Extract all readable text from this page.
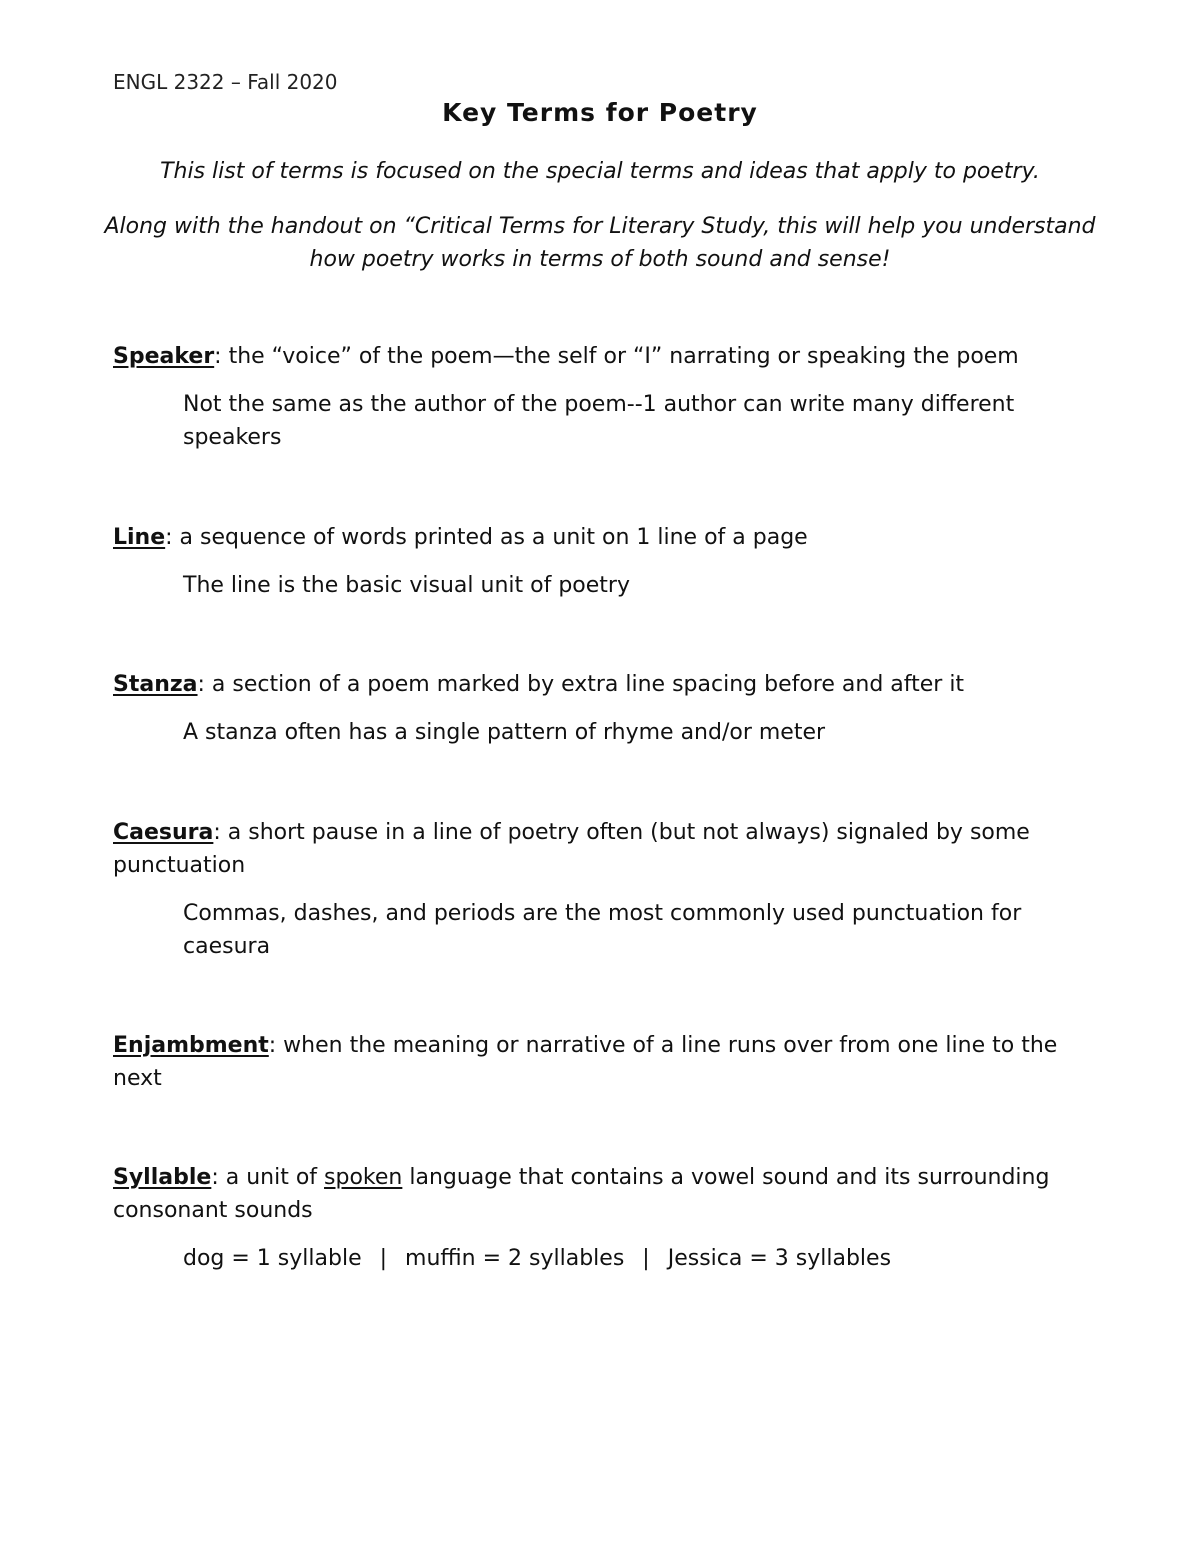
ENGL 2322 – Fall 2020
Key Terms for Poetry
This list of terms is focused on the special terms and ideas that apply to poetry.
Along with the handout on “Critical Terms for Literary Study, this will help you understand how poetry works in terms of both sound and sense!

Speaker: the “voice” of the poem—the self or “I” narrating or speaking the poem

Not the same as the author of the poem--1 author can write many different speakers

Line: a sequence of words printed as a unit on 1 line of a page

The line is the basic visual unit of poetry

Stanza: a section of a poem marked by extra line spacing before and after it

A stanza often has a single pattern of rhyme and/or meter

Caesura: a short pause in a line of poetry often (but not always) signaled by some punctuation

Commas, dashes, and periods are the most commonly used punctuation for caesura

Enjambment: when the meaning or narrative of a line runs over from one line to the next

Syllable: a unit of spoken language that contains a vowel sound and its surrounding consonant sounds

dog = 1 syllable | muffin = 2 syllables | Jessica = 3 syllables
